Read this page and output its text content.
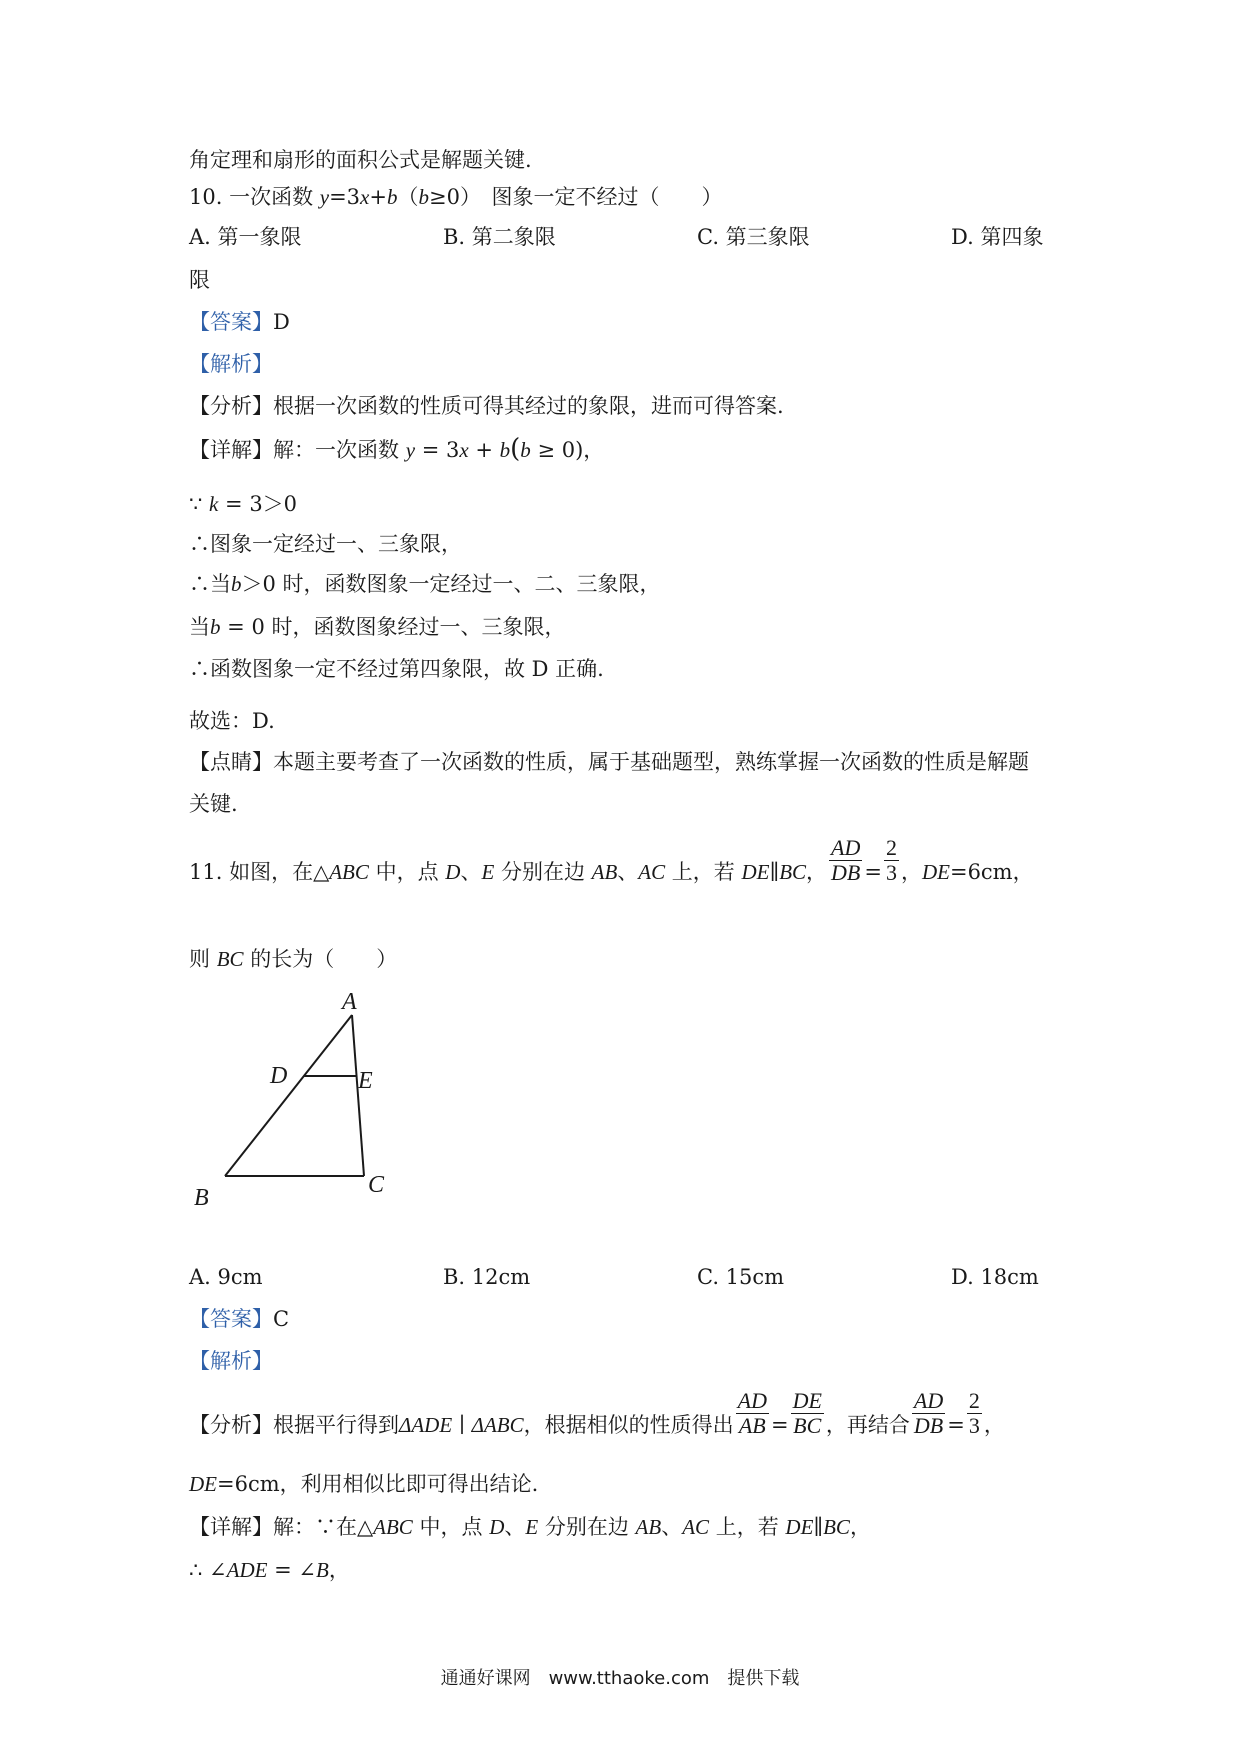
角定理和扇形的面积公式是解题关键.
10. 一次函数 y=3x+b（b≥0）　图象一定不经过（　　）
A. 第一象限	B. 第二象限	C. 第三象限	D. 第四象
限
【答案】D
【解析】
【分析】根据一次函数的性质可得其经过的象限，进而可得答案.
【详解】解：一次函数 y = 3x + b(b ≥ 0)，
∵ k = 3＞0
∴图象一定经过一、三象限，
∴当b＞0 时，函数图象一定经过一、二、三象限，
当b = 0 时，函数图象经过一、三象限，
∴函数图象一定不经过第四象限，故 D 正确.
故选：D.
【点睛】本题主要考查了一次函数的性质，属于基础题型，熟练掌握一次函数的性质是解题
关键.
11. 如图，在△ABC 中，点 D、E 分别在边 AB、AC 上，若 DE∥BC， $\frac{AD}{DB} = \frac{2}{3}$ ，DE=6cm，
则 BC 的长为（　　）
A
D	E
B	C
A. 9cm	B. 12cm	C. 15cm	D. 18cm
【答案】C
【解析】
【分析】根据平行得到ΔADE ∣ ΔABC，根据相似的性质得出 $\frac{AD}{AB} = \frac{DE}{BC}$ ，再结合 $\frac{AD}{DB} = \frac{2}{3}$ ，
DE=6cm，利用相似比即可得出结论.
【详解】解：∵在△ABC 中，点 D、E 分别在边 AB、AC 上，若 DE∥BC，
∴ ∠ADE = ∠B，
通通好课网　www.tthaoke.com　提供下载
